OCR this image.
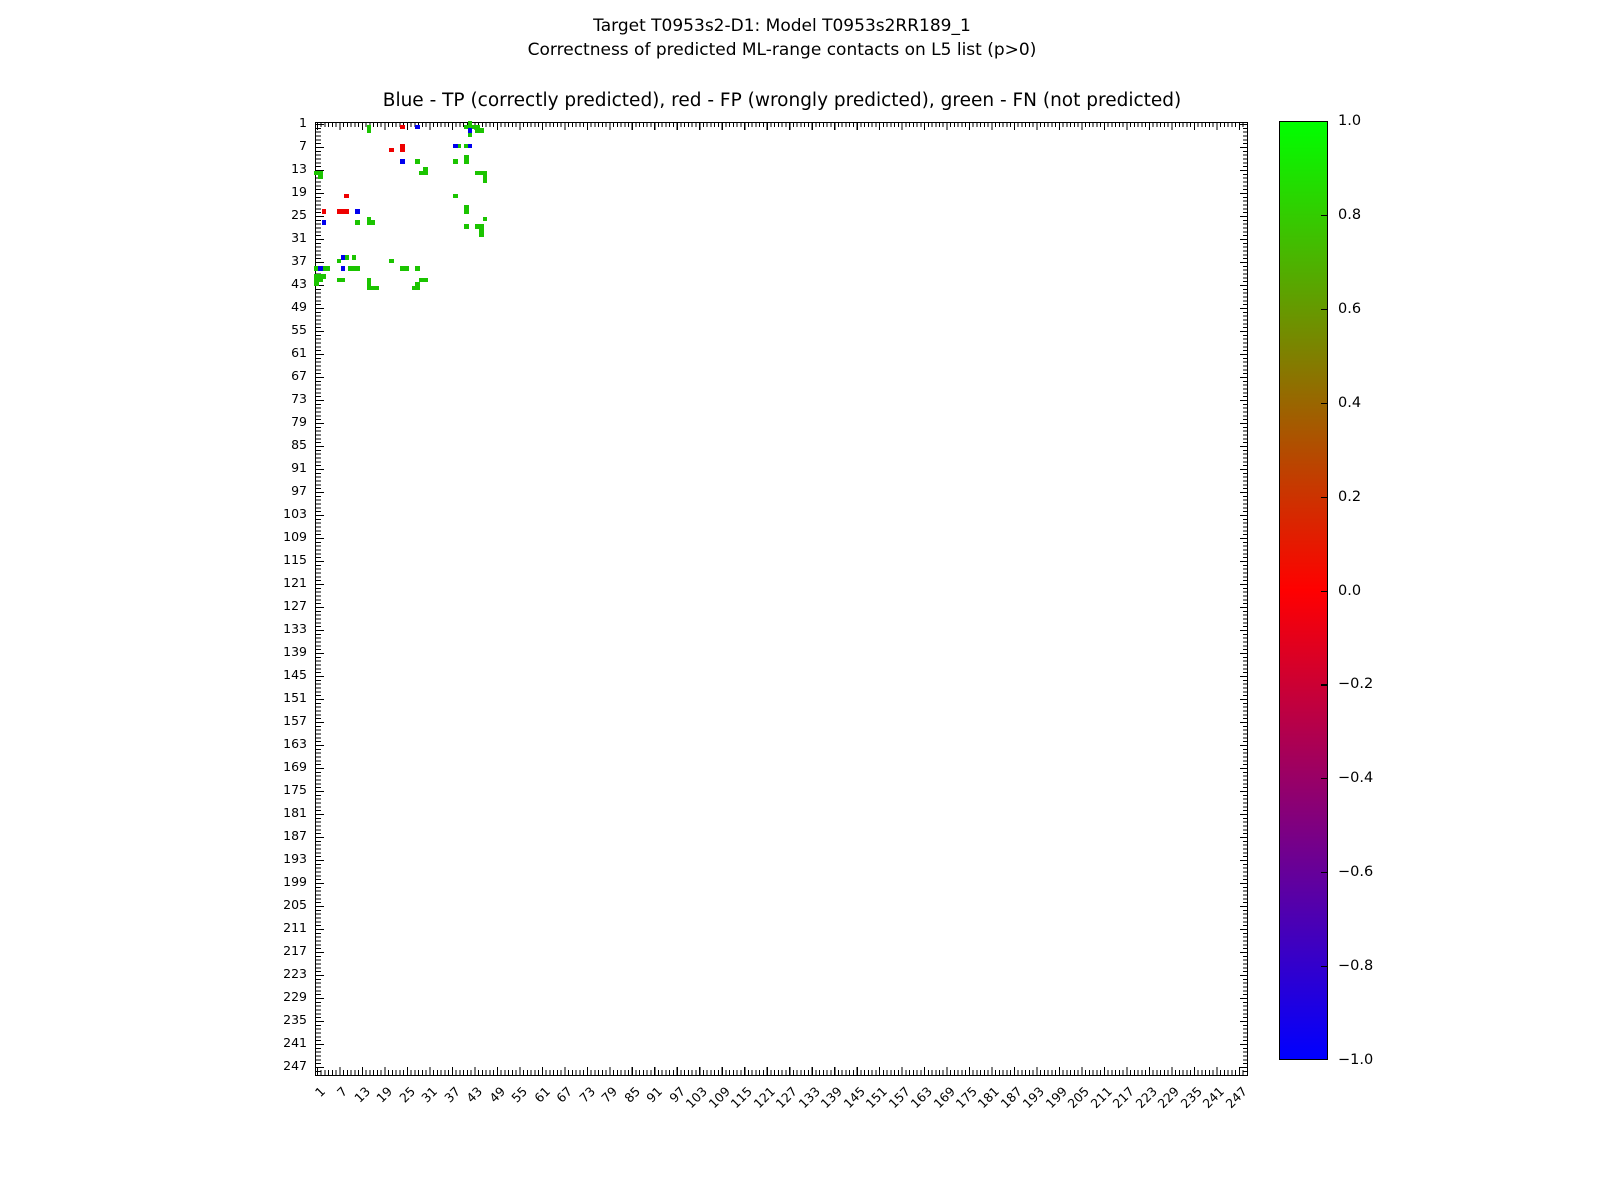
Target T0953s2-D1: Model T0953s2RR189_1
Correctness of predicted ML-range contacts on L5 list (p>0)
Blue - TP (correctly predicted), red - FP (wrongly predicted), green - FN (not predicted)
1
7
13
19
25
31
37
43
49
55
61
67
73
79
85
91
97
103
109
115
121
127
133
139
145
151
157
163
169
175
181
187
193
199
205
211
217
223
229
235
241
247
1 7 13 19 25 31 37 43 49 55 61 67 73 79 85 91 97
103
109
115
121
127
133
139
145
151
157
163
169
175
181
187
193
199
205
211
217
223
229
235
241
247
1.0
0.8
0.6
0.4
0.2
0.0
−0.2
−0.4
−0.6
−0.8
−1.0
